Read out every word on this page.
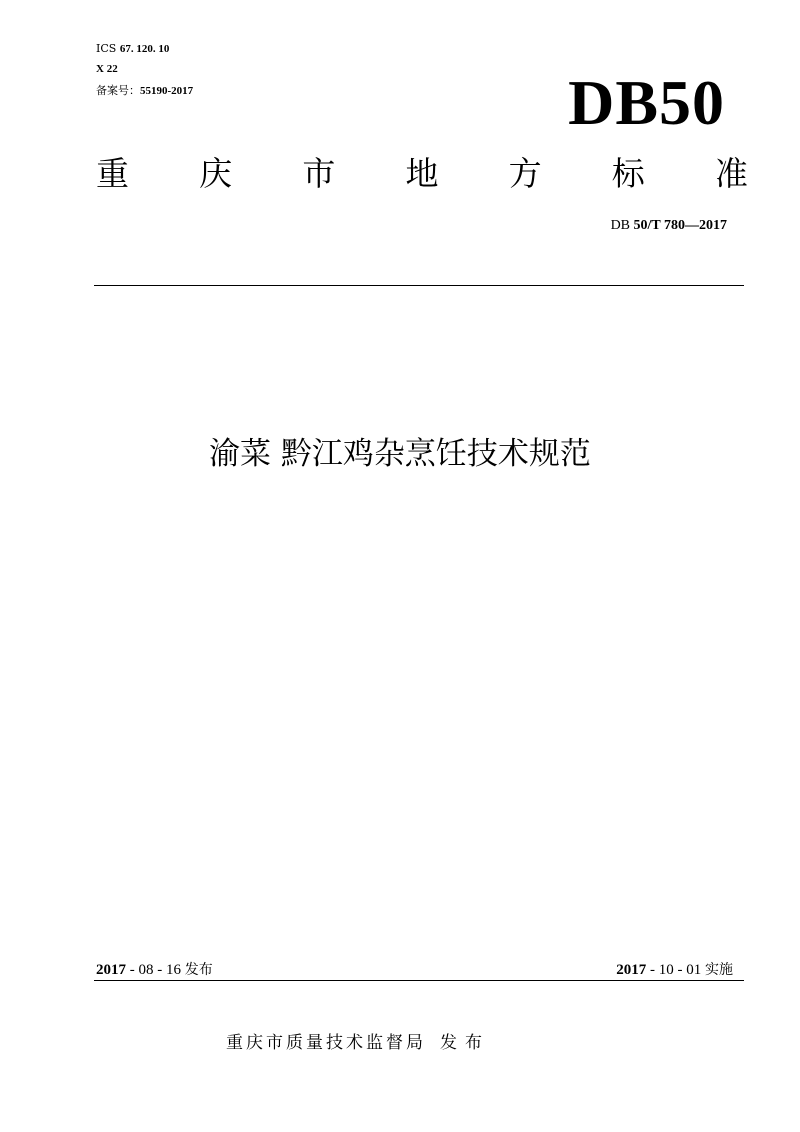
ICS 67. 120. 10
X 22
备案号：55190-2017	DB50
重 庆 市 地 方 标 准
DB 50/T 780—2017
渝菜 黔江鸡杂烹饪技术规范
2017 - 08 - 16 发布	2017 - 10 - 01 实施
重庆市质量技术监督局 发布
